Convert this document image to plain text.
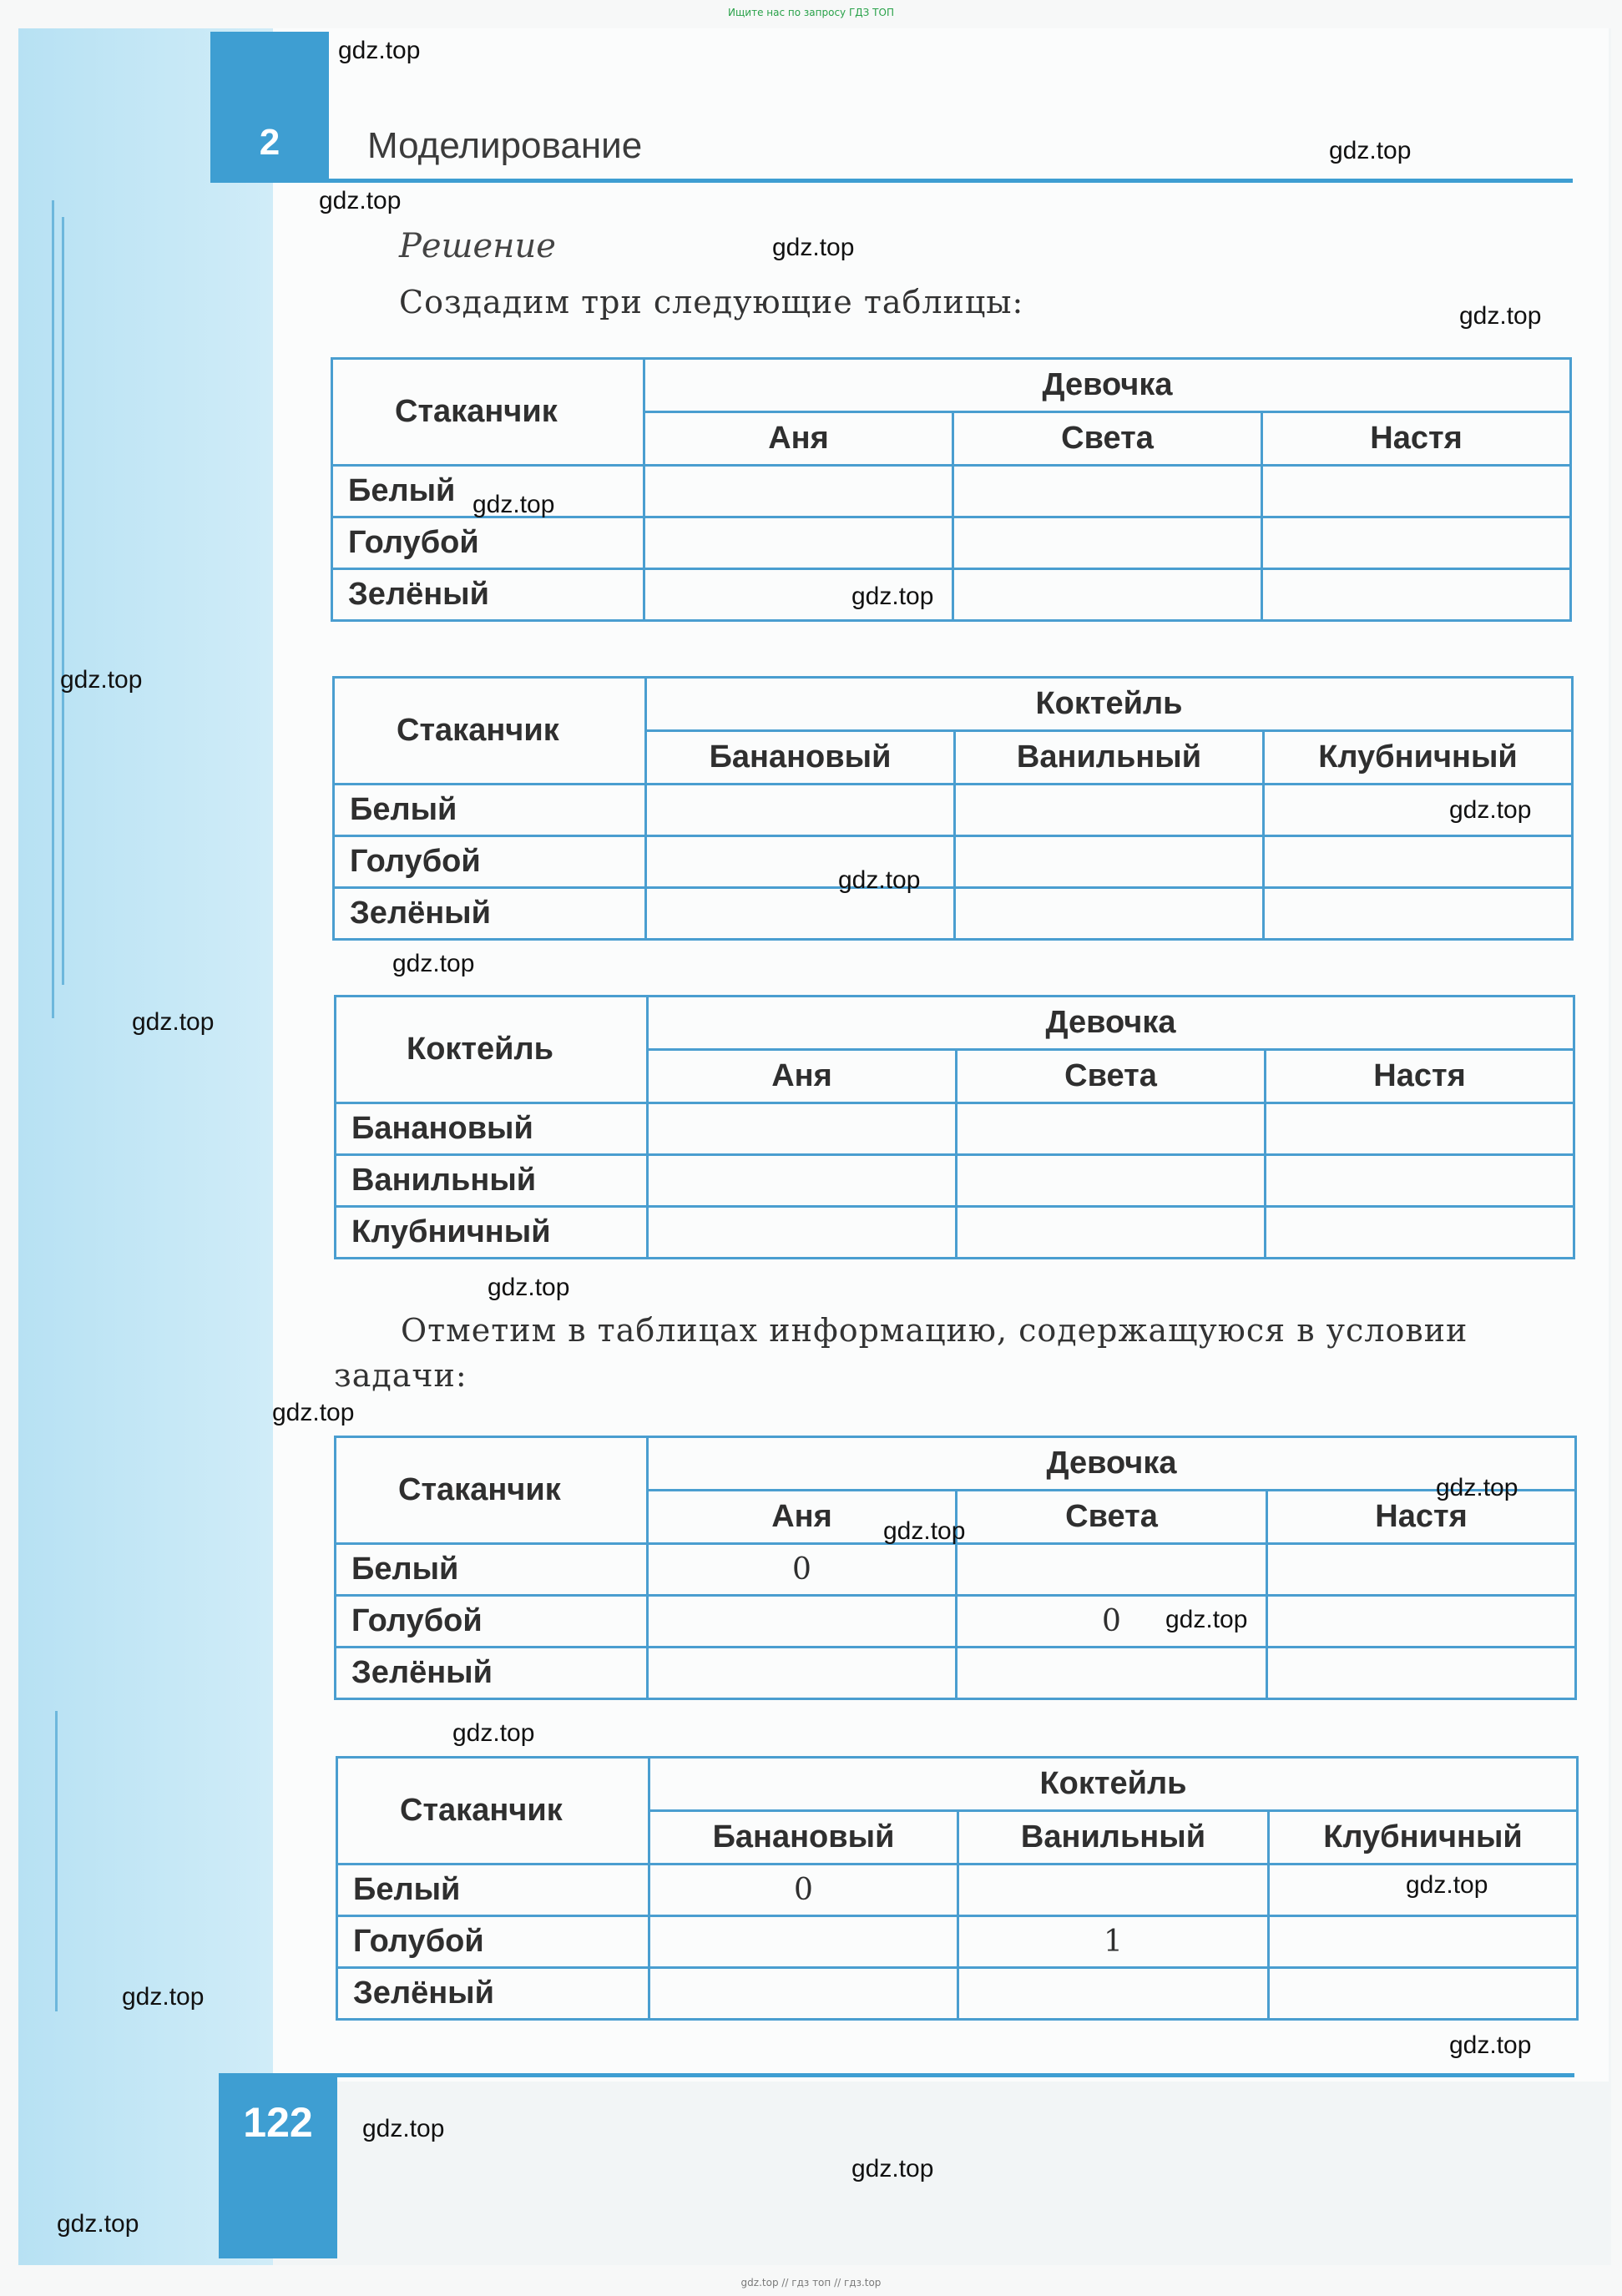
Ищите нас по запросу ГДЗ ТОП
2	Моделирование
Решение
Создадим три следующие таблицы:
Стаканчик	Девочка		
	Аня	Света	Настя
Белый			
Голубой			
Зелёный			
Стаканчик	Коктейль		
	Банановый	Ванильный	Клубничный
Белый			
Голубой			
Зелёный			
Коктейль	Девочка		
	Аня	Света	Настя
Банановый			
Ванильный			
Клубничный			
Отметим в таблицах информацию, содержащуюся в условии
задачи:
Стаканчик	Девочка		
	Аня	Света	Настя
Белый	0		
Голубой		0	
Зелёный			
Стаканчик	Коктейль		
	Банановый	Ванильный	Клубничный
Белый	0		
Голубой		1	
Зелёный			
122
gdz.top
gdz.top
gdz.top
gdz.top
gdz.top
gdz.top
gdz.top
gdz.top
gdz.top
gdz.top
gdz.top
gdz.top
gdz.top
gdz.top
gdz.top
gdz.top
gdz.top
gdz.top
gdz.top
gdz.top
gdz.top
gdz.top
gdz.top
gdz.top
gdz.top // гдз топ // гдз.top
